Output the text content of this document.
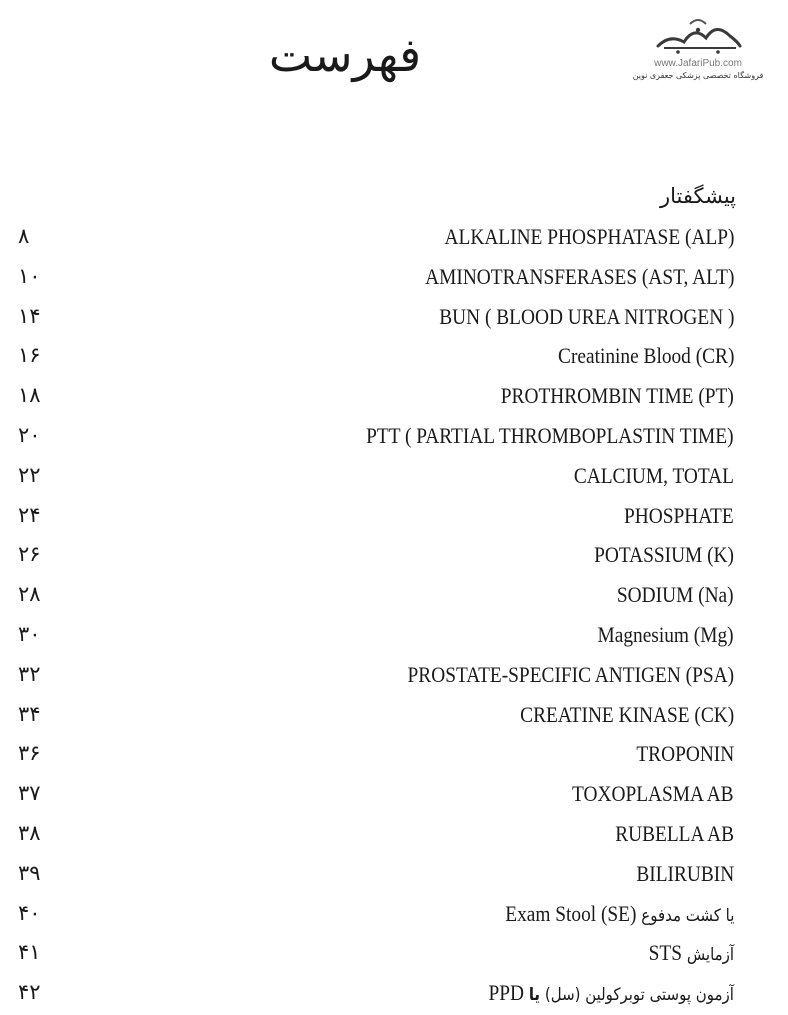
فهرست	www.JafariPub.com
فروشگاه تخصصی پزشکی جعفری نوین
پیشگفتار
ALKALINE PHOSPHATASE (ALP)
۸
AMINOTRANSFERASES (AST, ALT)
۱۰
BUN ( BLOOD UREA NITROGEN )
۱۴
Creatinine Blood (CR)
۱۶
PROTHROMBIN TIME (PT)
۱۸
PTT ( PARTIAL THROMBOPLASTIN TIME)
۲۰
CALCIUM, TOTAL
۲۲
PHOSPHATE
۲۴
POTASSIUM (K)
۲۶
SODIUM (Na)
۲۸
Magnesium (Mg)
۳۰
PROSTATE-SPECIFIC ANTIGEN (PSA)
۳۲
CREATINE KINASE (CK)
۳۴
TROPONIN
۳۶
TOXOPLASMA AB
۳۷
RUBELLA AB
۳۸
BILIRUBIN
۳۹
یا کشت مدفوع Exam Stool (SE)
۴۰
آزمایش STS
۴۱
آزمون پوستی توبرکولین (سل) یا PPD
۴۲
